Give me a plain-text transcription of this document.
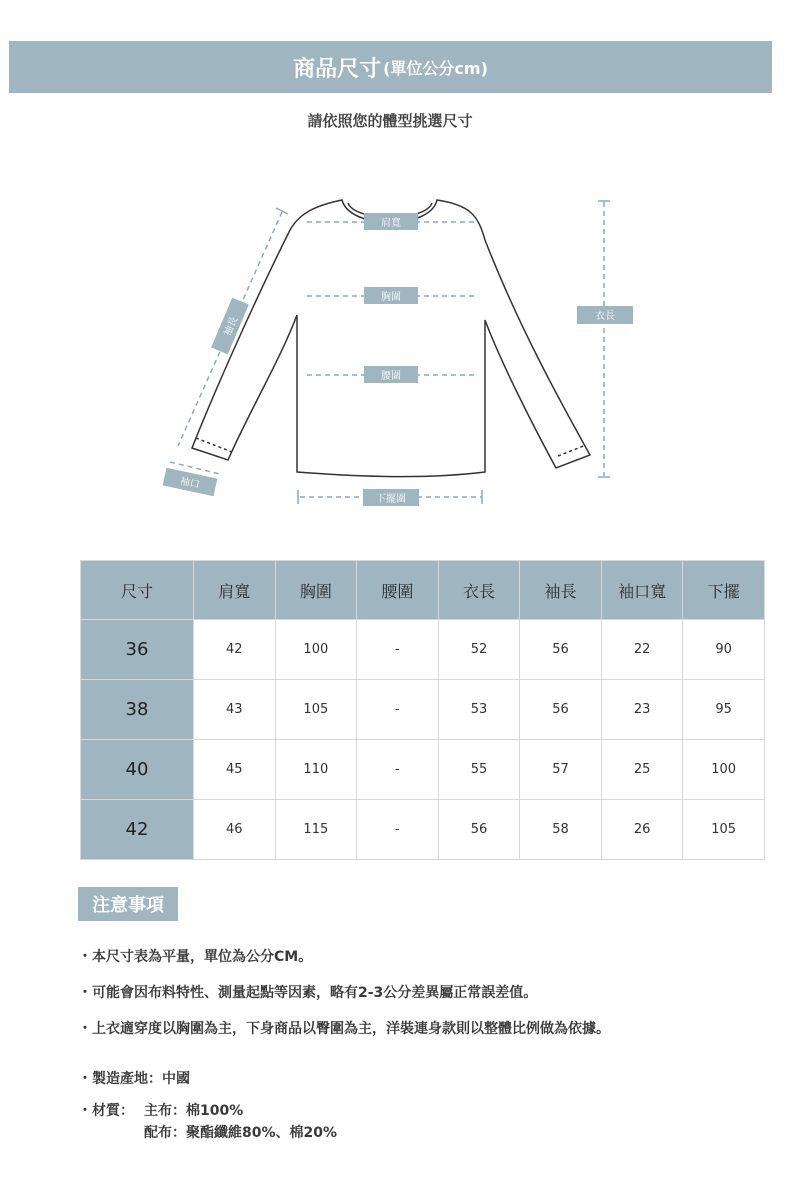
商品尺寸 (單位公分cm)
請依照您的體型挑選尺寸
肩寬
胸圍
腰圍
下擺圍
衣長
袖長
袖口
尺寸	肩寬	胸圍	腰圍	衣長	袖長	袖口寬	下擺
36	42	100	-	52	56	22	90
38	43	105	-	53	56	23	95
40	45	110	-	55	57	25	100
42	46	115	-	56	58	26	105
注意事項
・本尺寸表為平量，單位為公分CM。
・可能會因布料特性、測量起點等因素，略有2-3公分差異屬正常誤差值。
・上衣適穿度以胸圍為主，下身商品以臀圍為主，洋裝連身款則以整體比例做為依據。
・製造產地：中國
・材質： 主布：棉100%
配布：聚酯纖維80%、棉20%
